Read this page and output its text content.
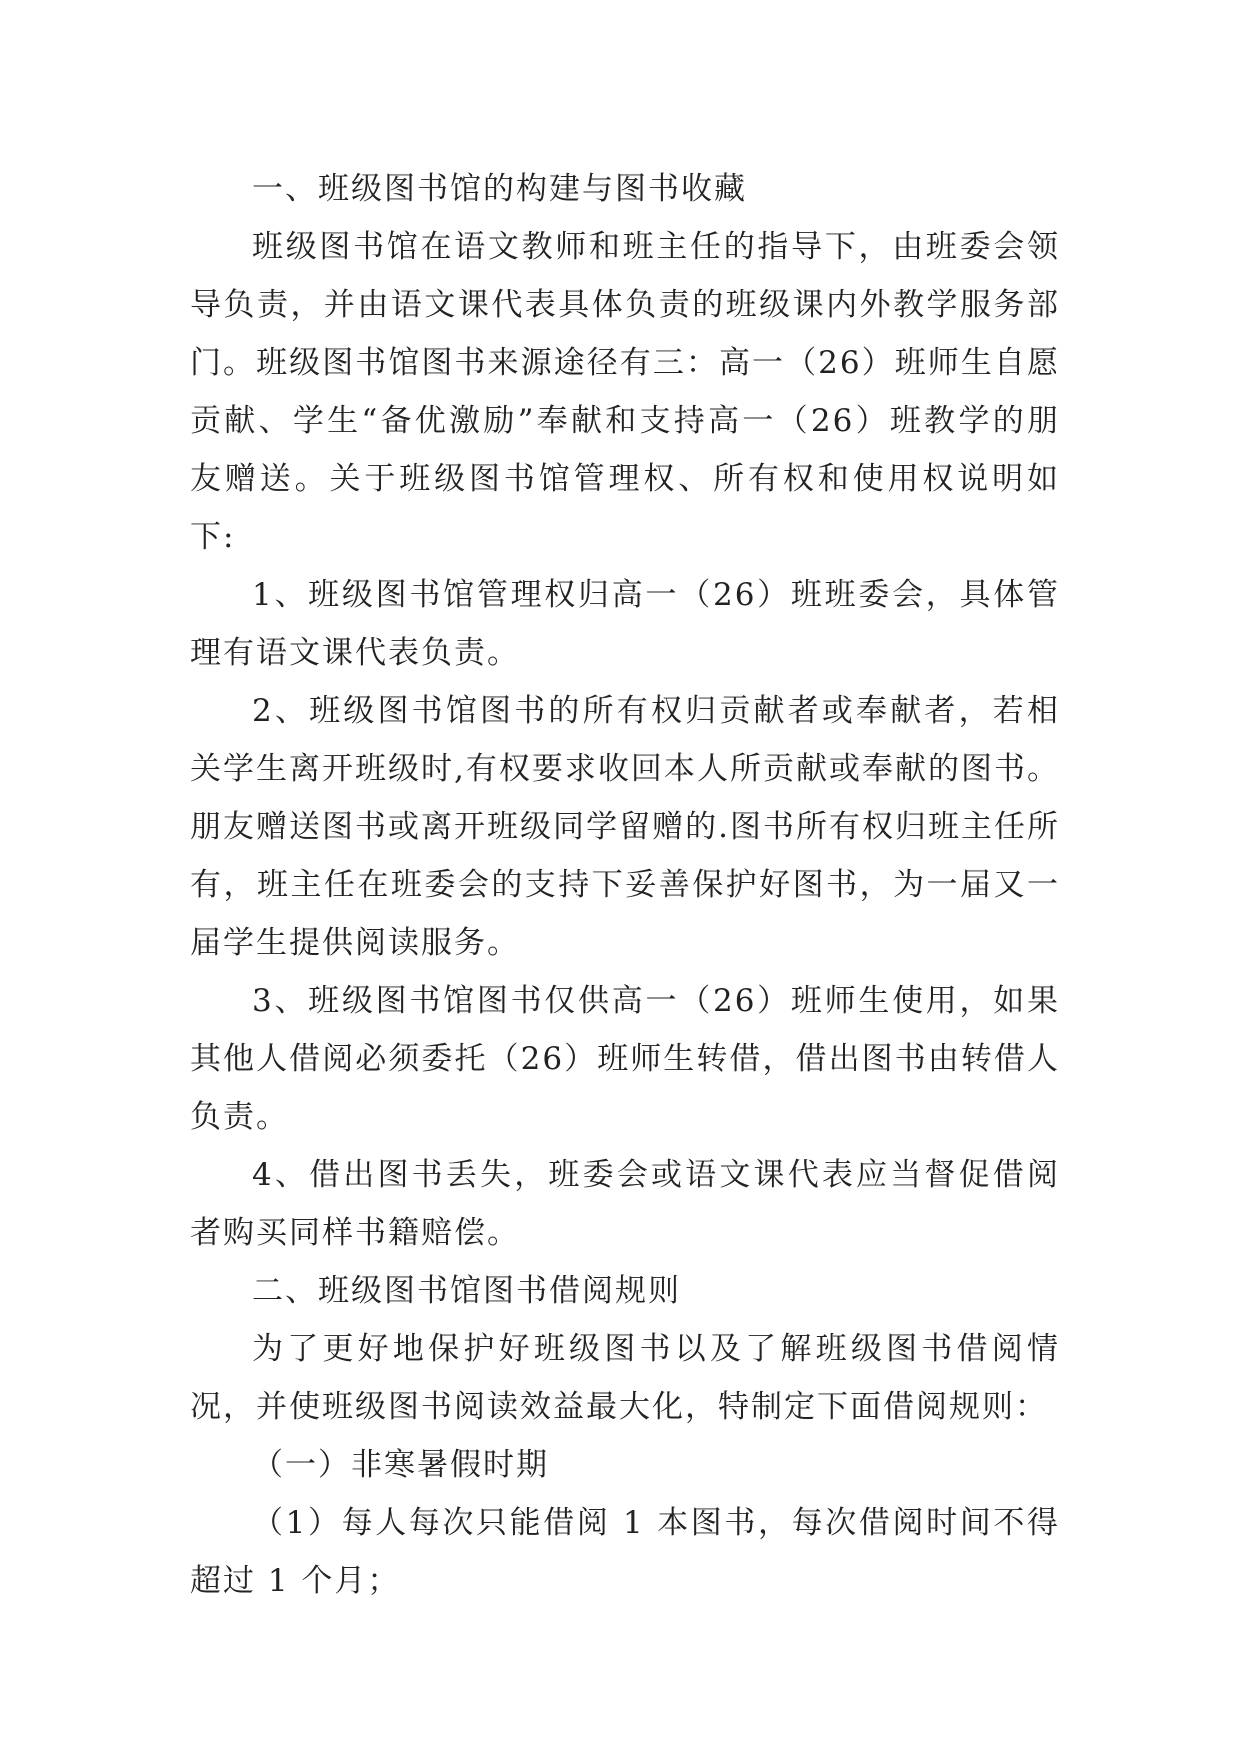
一、班级图书馆的构建与图书收藏

班级图书馆在语文教师和班主任的指导下，由班委会领导负责，并由语文课代表具体负责的班级课内外教学服务部门。班级图书馆图书来源途径有三：高一（26）班师生自愿贡献、学生“备优激励”奉献和支持高一（26）班教学的朋友赠送。关于班级图书馆管理权、所有权和使用权说明如下:

1、班级图书馆管理权归高一（26）班班委会，具体管理有语文课代表负责。

2、班级图书馆图书的所有权归贡献者或奉献者，若相关学生离开班级时,有权要求收回本人所贡献或奉献的图书。朋友赠送图书或离开班级同学留赠的.图书所有权归班主任所有，班主任在班委会的支持下妥善保护好图书，为一届又一届学生提供阅读服务。

3、班级图书馆图书仅供高一（26）班师生使用，如果其他人借阅必须委托（26）班师生转借，借出图书由转借人负责。

4、借出图书丢失，班委会或语文课代表应当督促借阅者购买同样书籍赔偿。

二、班级图书馆图书借阅规则

为了更好地保护好班级图书以及了解班级图书借阅情况，并使班级图书阅读效益最大化，特制定下面借阅规则：

（一）非寒暑假时期

（1）每人每次只能借阅 1 本图书，每次借阅时间不得超过 1 个月；
